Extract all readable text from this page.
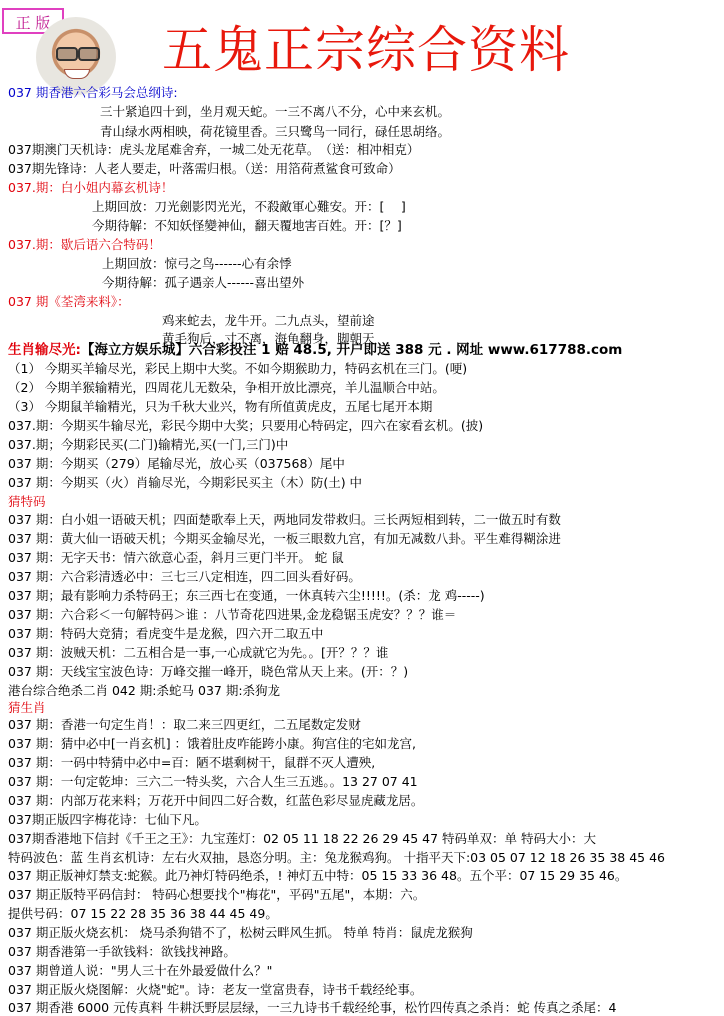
正 版 五鬼正宗综合资料
037 期香港六合彩马会总纲诗:
三十紧追四十到，坐月观天蛇。一三不离八不分，心中来玄机。
青山绿水两相映，荷花镜里香。三只鹭鸟一同行，碌任思胡络。
037期澳门天机诗：虎头龙尾难舍弃，一城二处无花草。　（送：相冲相克）
037期先锋诗：人老人要走，叶落需归根。（送：用箔荷煮鲨食可致命）
037.期：白小姐内幕玄机诗！
上期回放：刀光劍影閃光光，不殺敵軍心難安。开：[　 ]
今期待解：不知妖怪變神仙，翻天覆地害百姓。开：[？]
037.期：歇后语六合特码！
上期回放：惊弓之鸟------心有余悸
今期待解：孤子遇亲人------喜出望外
037 期《荃湾来料》：
鸡来蛇去，龙牛开。二九点头，望前途
黄毛狗后，寸不离，海龟翻身，脚朝天
（1） 今期买羊输尽光，彩民上期中大奖。不如今期猴助力，特码玄机在三门。(哽)
（2） 今期羊猴输精光，四周花儿无数朵，争相开放比漂亮，羊儿温顺合中站。
（3） 今期鼠羊输精光，只为千秋大业兴，物有所值黄虎皮，五尾七尾开本期
037.期：今期买牛输尽光，彩民今期中大奖；只要用心特码定，四六在家看玄机。(披)
037.期；今期彩民买(二门)输精光,买(一门,三门)中
037 期：今期买（279）尾输尽光，放心买（037568）尾中
037 期：今期买（火）肖输尽光，今期彩民买主（木）防(土) 中
猜特码
037 期：白小姐一语破天机；四面楚歌奉上天，两地同发带救归。三长两短相到转，二一做五时有数
037 期：黄大仙一语破天机；今期买金输尽光，一板三眼数九宫，有加无减数八卦。平生难得糊涂进
037 期：无字天书：情六欲意心歪，斜月三更门半开。 蛇 鼠
037 期：六合彩清透必中：三七三八定相连，四二回头看好码。
037 期；最有影响力杀特码王；东三西七在变通，一休真转六尘!!!!!。(杀：龙 鸡-----)
037 期：六合彩＜一句解特码＞谁 ：八节奇花四进果,金龙稳锯玉虎安？？？谁＝
037 期：特码大竞猜；看虎变牛是龙猴，四六开二取五中
037 期：波贼天机：二五相合是一事,一心成就它为先。。[开？？？谁
037 期：天线宝宝波色诗：万峰交摧一峰开，晓色常从天上来。(开：？)
港台综合绝杀二肖 042 期:杀蛇马 037 期:杀狗龙
猜生肖
037 期：香港一句定生肖！：取二来三四更红，二五尾数定发财
037 期：猜中必中[一肖玄机] ：饿着肚皮咋能跨小康。狗宫住的宅如龙宫,
037 期：一码中特猜中必中=百：陋不堪剩树干，鼠群不灭人遭殃,
037 期：一句定乾坤：三六二一特头奖，六合人生三五逃。。13 27 07 41
037 期：内部万花来料；万花开中间四二好合数，红蓝色彩尽显虎藏龙居。
037期正版四字梅花诗：七仙下凡。
037期香港地下信封《千王之王》：九宝莲灯：02 05 11 18 22 26 29 45 47 特码单双：单 特码大小：大
特码波色：蓝 生肖玄机诗：左右火双抽，恳恣分明。主：兔龙猴鸡狗。 十指平天下:03 05 07 12 18 26 35 38 45 46
037 期正版神灯禁支:蛇猴。此乃神灯特码绝杀，! 神灯五中特：05 15 33 36 48。五个平：07 15 29 35 46。
037 期正版特平码信封： 特码心想要找个"梅花"，平码"五尾"，本期：六。
提供号码：07 15 22 28 35 36 38 44 45 49。
037 期正版火烧玄机： 烧马杀狗错不了，松树云畔风生抓。 特单 特肖：鼠虎龙猴狗
037 期香港第一手欲钱料：欲钱找神路。
037 期曾道人说："男人三十在外最爱做什么？"
037 期正版火烧图解：火烧"蛇"。诗：老友一堂富贵春，诗书千载经纶事。
037 期香港 6000 元传真料 牛耕沃野层层绿，一三九诗书千载经纶事，松竹四传真之杀肖：蛇 传真之杀尾：4
生肖输尽光:【海立方娱乐城】六合彩投注 1 赔 48.5, 开户即送 388 元 . 网址 www.617788.com
